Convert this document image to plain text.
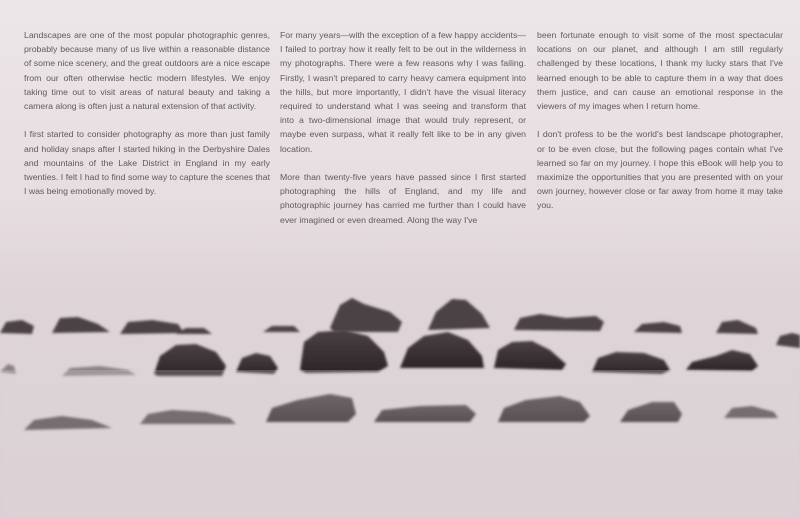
Landscapes are one of the most popular photographic genres, probably because many of us live within a reasonable distance of some nice scenery, and the great outdoors are a nice escape from our often otherwise hectic modern lifestyles. We enjoy taking time out to visit areas of natural beauty and taking a camera along is often just a natural extension of that activity.

I first started to consider photography as more than just family and holiday snaps after I started hiking in the Derbyshire Dales and mountains of the Lake District in England in my early twenties. I felt I had to find some way to capture the scenes that I was being emotionally moved by.

For many years—with the exception of a few happy accidents—I failed to portray how it really felt to be out in the wilderness in my photographs. There were a few reasons why I was failing. Firstly, I wasn't prepared to carry heavy camera equipment into the hills, but more importantly, I didn't have the visual literacy required to understand what I was seeing and transform that into a two-dimensional image that would truly represent, or maybe even surpass, what it really felt like to be in any given location.

More than twenty-five years have passed since I first started photographing the hills of England, and my life and photographic journey has carried me further than I could have ever imagined or even dreamed. Along the way I've

been fortunate enough to visit some of the most spectacular locations on our planet, and although I am still regularly challenged by these locations, I thank my lucky stars that I've learned enough to be able to capture them in a way that does them justice, and can cause an emotional response in the viewers of my images when I return home.

I don't profess to be the world's best landscape photographer, or to be even close, but the following pages contain what I've learned so far on my journey. I hope this eBook will help you to maximize the opportunities that you are presented with on your own journey, however close or far away from home it may take you.
